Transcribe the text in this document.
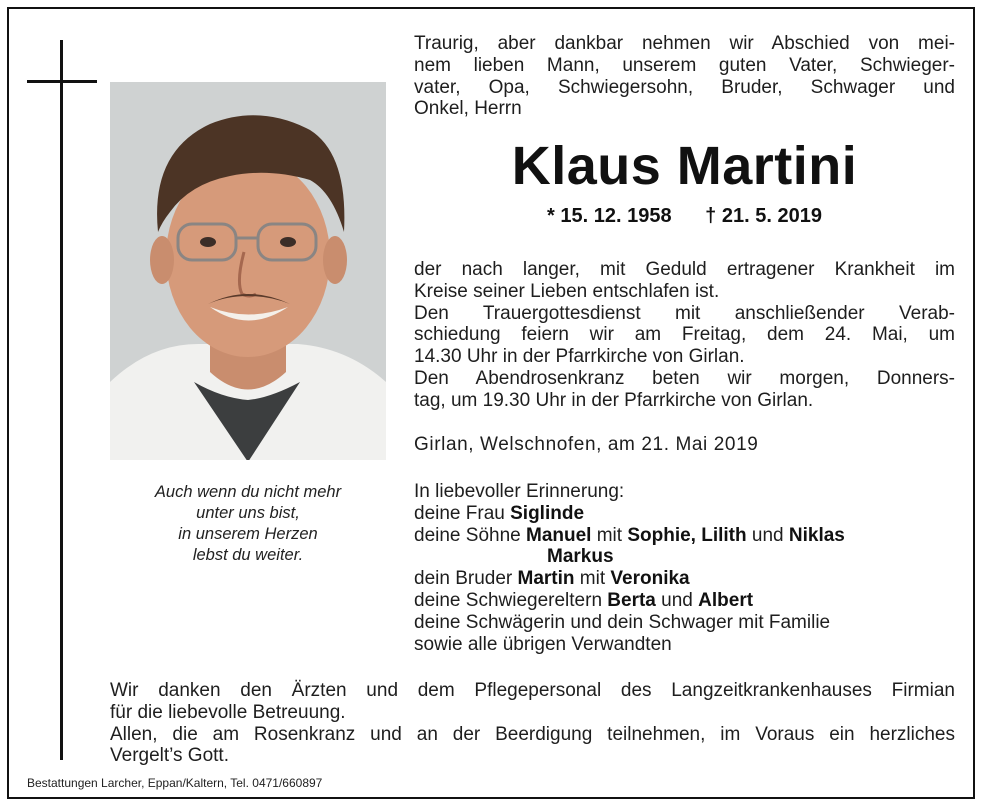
Auch wenn du nicht mehr
unter uns bist,
in unserem Herzen
lebst du weiter.
Traurig, aber dankbar nehmen wir Abschied von mei-
nem lieben Mann, unserem guten Vater, Schwieger-
vater, Opa, Schwiegersohn, Bruder, Schwager und
Onkel, Herrn
Klaus Martini
* 15. 12. 1958 † 21. 5. 2019
der nach langer, mit Geduld ertragener Krankheit im
Kreise seiner Lieben entschlafen ist.
Den Trauergottesdienst mit anschließender Verab-
schiedung feiern wir am Freitag, dem 24. Mai, um
14.30 Uhr in der Pfarrkirche von Girlan.
Den Abendrosenkranz beten wir morgen, Donners-
tag, um 19.30 Uhr in der Pfarrkirche von Girlan.
Girlan, Welschnofen, am 21. Mai 2019
In liebevoller Erinnerung:
deine Frau Siglinde
deine Söhne Manuel mit Sophie, Lilith und Niklas
Markus
dein Bruder Martin mit Veronika
deine Schwiegereltern Berta und Albert
deine Schwägerin und dein Schwager mit Familie
sowie alle übrigen Verwandten
Wir danken den Ärzten und dem Pflegepersonal des Langzeitkrankenhauses Firmian
für die liebevolle Betreuung.
Allen, die am Rosenkranz und an der Beerdigung teilnehmen, im Voraus ein herzliches
Vergelt’s Gott.
Bestattungen Larcher, Eppan/Kaltern, Tel. 0471/660897
